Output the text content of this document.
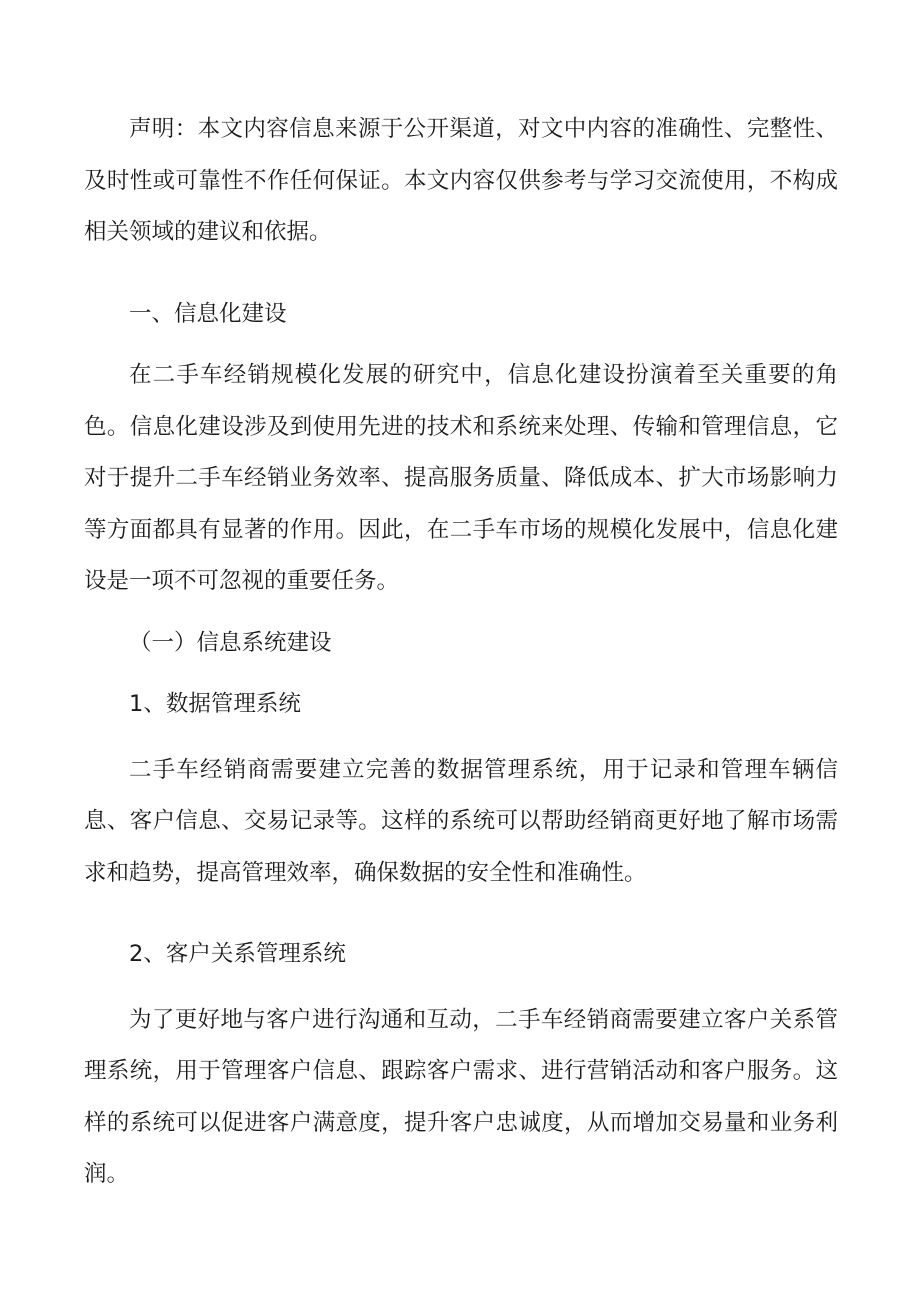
声明：本文内容信息来源于公开渠道，对文中内容的准确性、完整性、及时性或可靠性不作任何保证。本文内容仅供参考与学习交流使用，不构成相关领域的建议和依据。

一、信息化建设

在二手车经销规模化发展的研究中，信息化建设扮演着至关重要的角色。信息化建设涉及到使用先进的技术和系统来处理、传输和管理信息，它对于提升二手车经销业务效率、提高服务质量、降低成本、扩大市场影响力等方面都具有显著的作用。因此，在二手车市场的规模化发展中，信息化建设是一项不可忽视的重要任务。

（一）信息系统建设

1、数据管理系统

二手车经销商需要建立完善的数据管理系统，用于记录和管理车辆信息、客户信息、交易记录等。这样的系统可以帮助经销商更好地了解市场需求和趋势，提高管理效率，确保数据的安全性和准确性。

2、客户关系管理系统

为了更好地与客户进行沟通和互动，二手车经销商需要建立客户关系管理系统，用于管理客户信息、跟踪客户需求、进行营销活动和客户服务。这样的系统可以促进客户满意度，提升客户忠诚度，从而增加交易量和业务利润。
